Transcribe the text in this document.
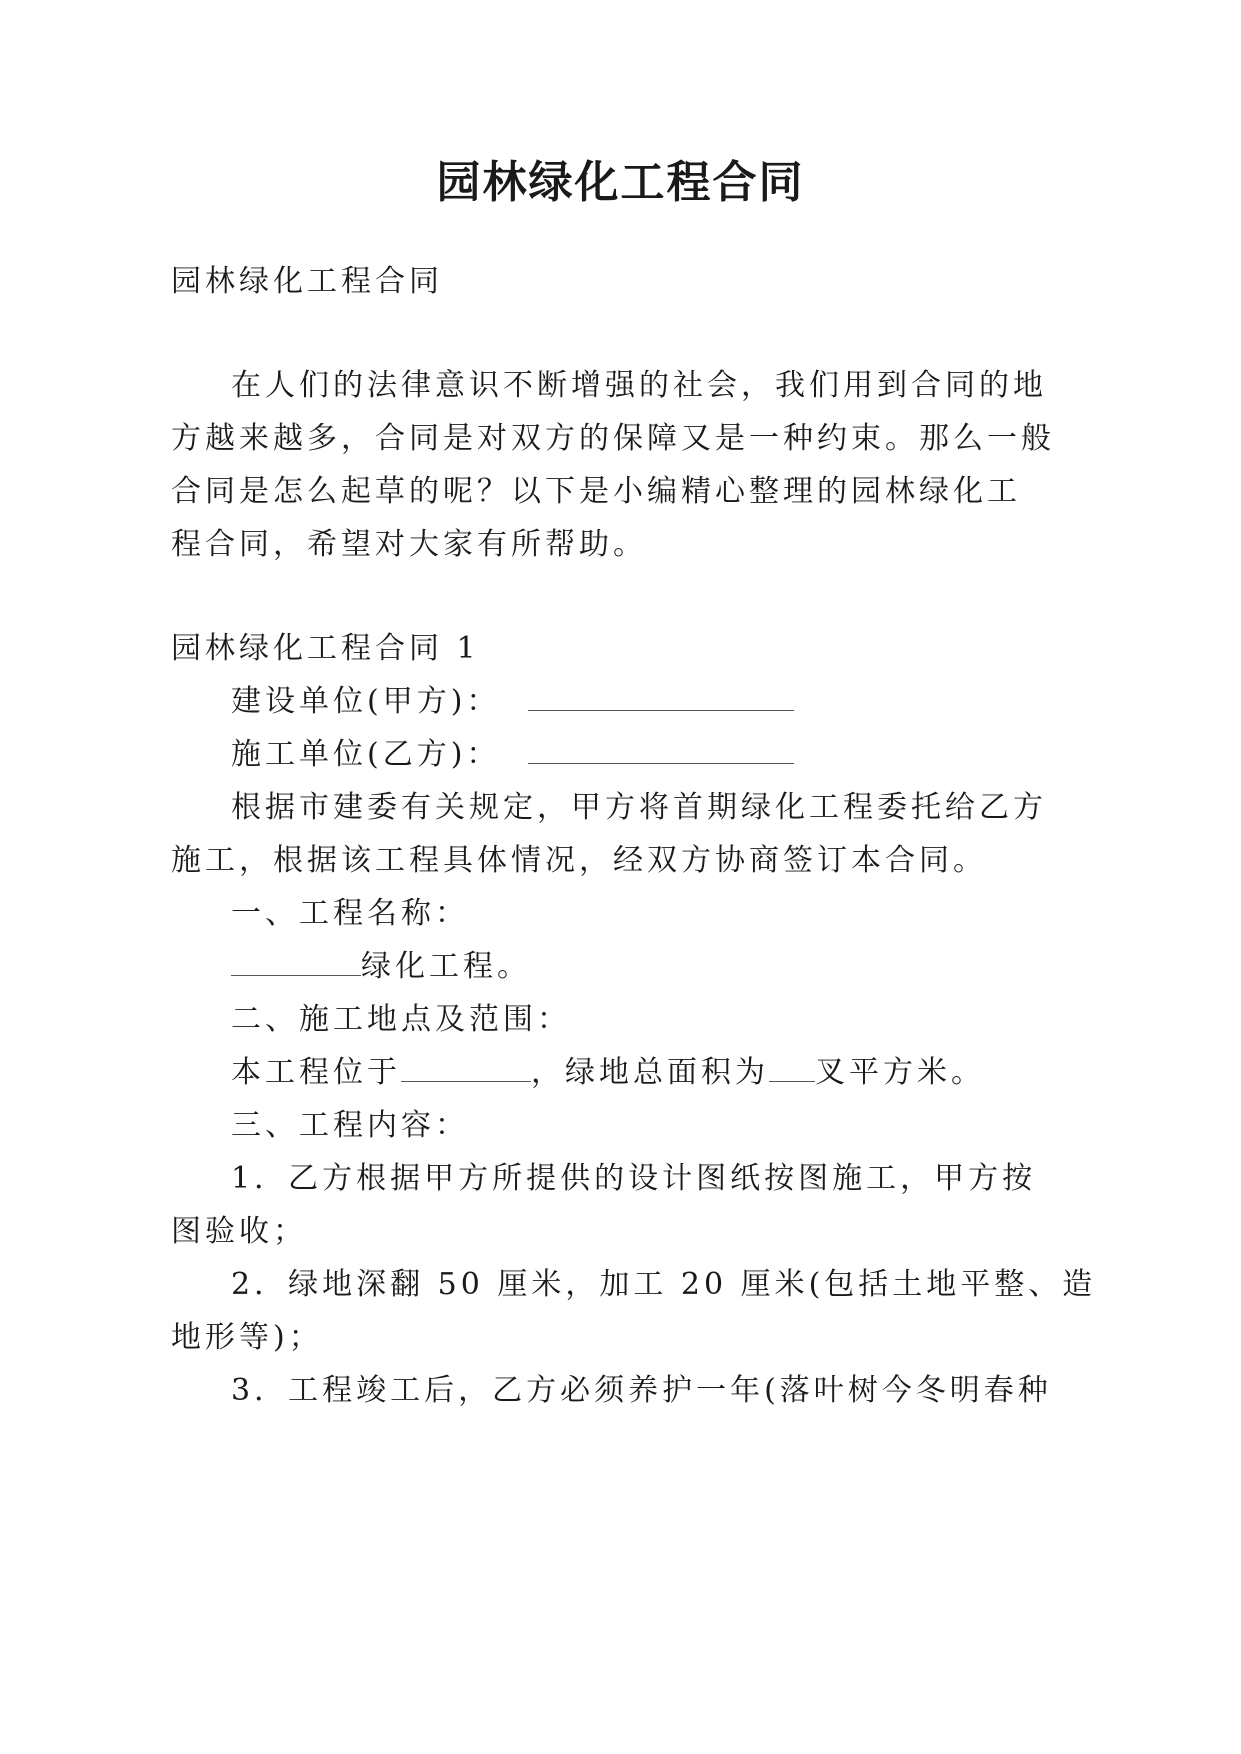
园林绿化工程合同
园林绿化工程合同
在人们的法律意识不断增强的社会，我们用到合同的地
方越来越多，合同是对双方的保障又是一种约束。那么一般
合同是怎么起草的呢？以下是小编精心整理的园林绿化工
程合同，希望对大家有所帮助。
园林绿化工程合同 1
建设单位(甲方)：
施工单位(乙方)：
根据市建委有关规定，甲方将首期绿化工程委托给乙方
施工，根据该工程具体情况，经双方协商签订本合同。
一、工程名称：
绿化工程。
二、施工地点及范围：
本工程位于	，绿地总面积为 叉平方米。
三、工程内容：
1．乙方根据甲方所提供的设计图纸按图施工，甲方按
图验收；
2．绿地深翻 50 厘米，加工 20 厘米(包括土地平整、造
地形等)；
3．工程竣工后，乙方必须养护一年(落叶树今冬明春种
